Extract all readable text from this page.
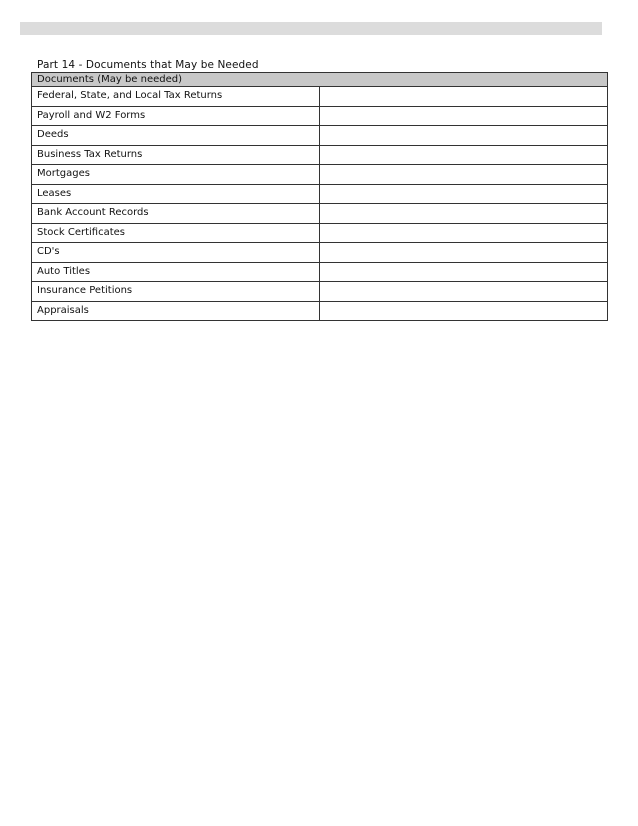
Part 14 - Documents that May be Needed
Documents (May be needed)	
Federal, State, and Local Tax Returns	
Payroll and W2 Forms	
Deeds	
Business Tax Returns	
Mortgages	
Leases	
Bank Account Records	
Stock Certificates	
CD's	
Auto Titles	
Insurance Petitions	
Appraisals	
